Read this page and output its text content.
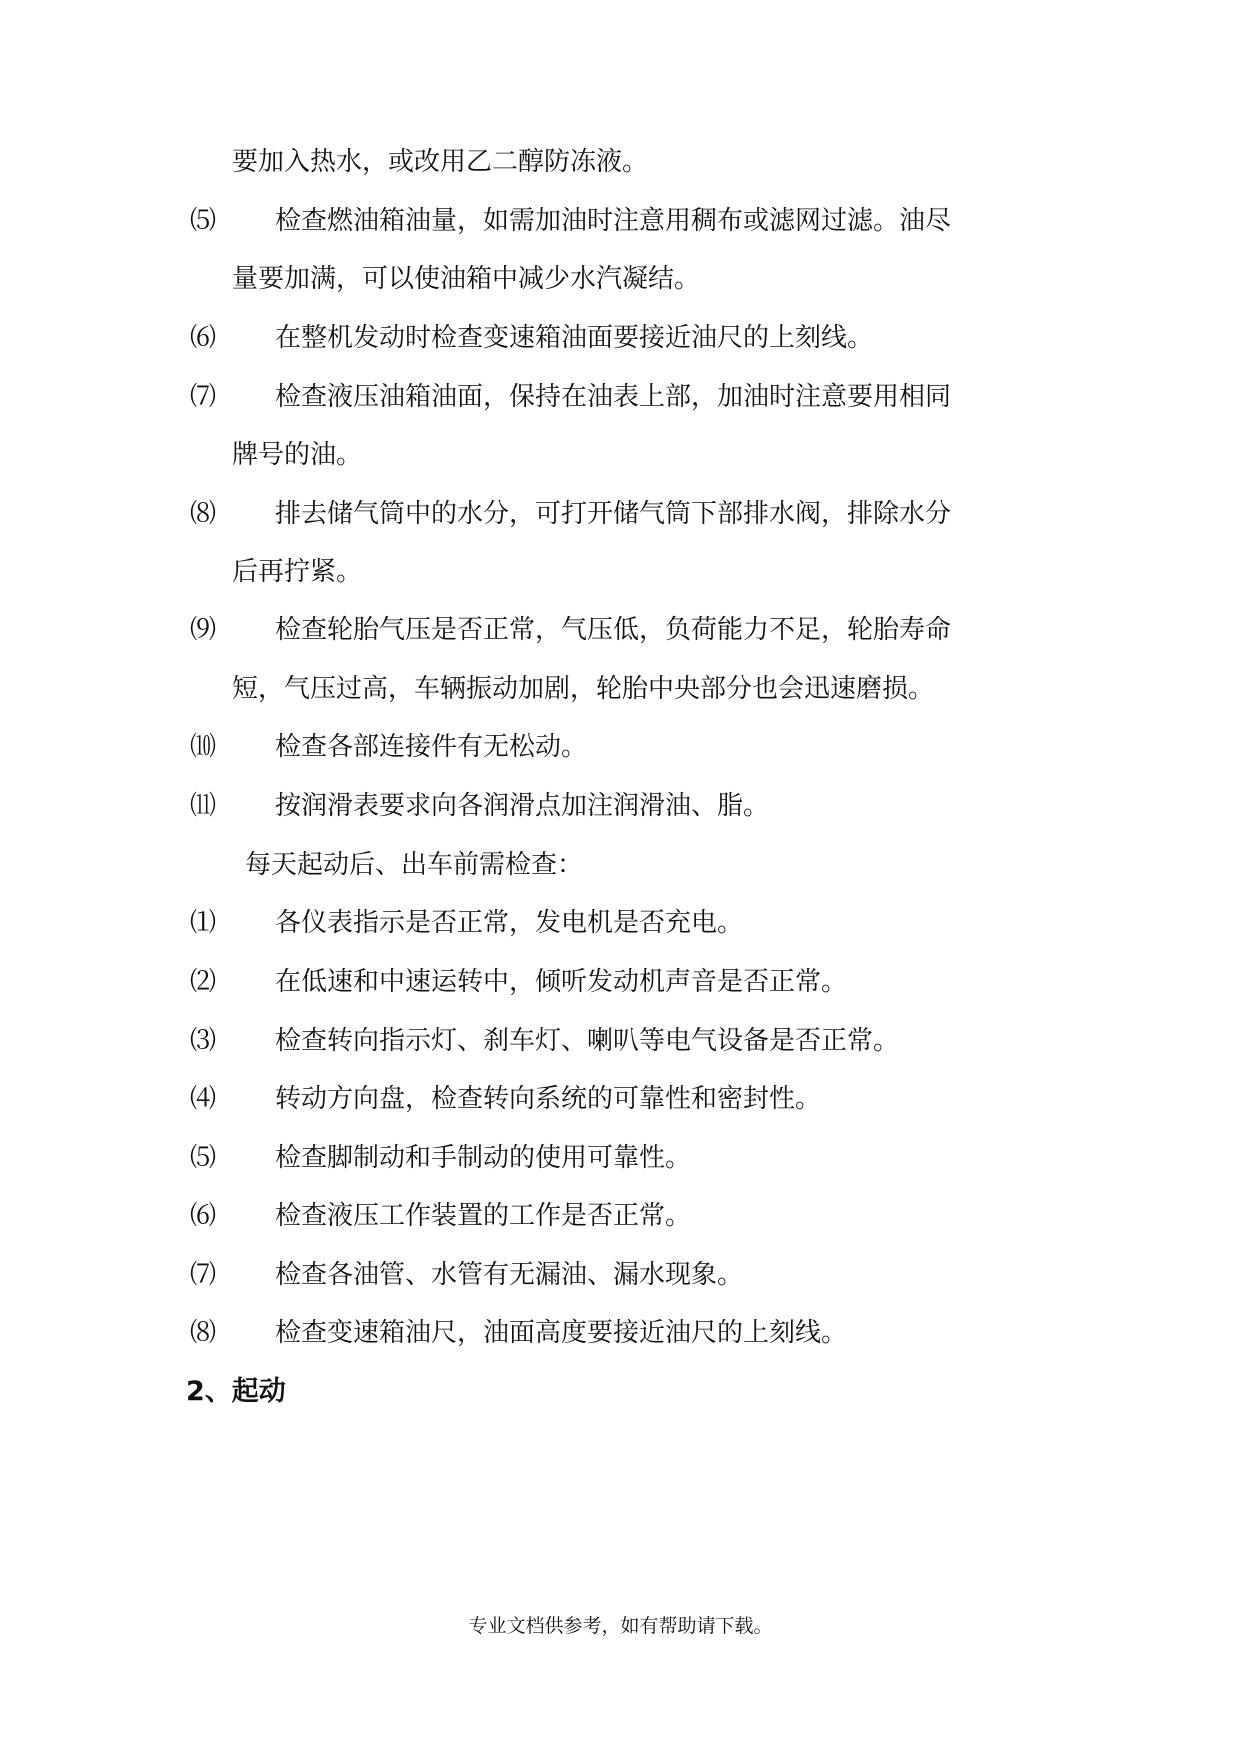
要加入热水，或改用乙二醇防冻液。
⑸	检查燃油箱油量，如需加油时注意用稠布或滤网过滤。油尽
量要加满，可以使油箱中减少水汽凝结。
⑹	在整机发动时检查变速箱油面要接近油尺的上刻线。
⑺	检查液压油箱油面，保持在油表上部，加油时注意要用相同
牌号的油。
⑻	排去储气筒中的水分，可打开储气筒下部排水阀，排除水分
后再拧紧。
⑼	检查轮胎气压是否正常，气压低，负荷能力不足，轮胎寿命
短，气压过高，车辆振动加剧，轮胎中央部分也会迅速磨损。
⑽	检查各部连接件有无松动。
⑾	按润滑表要求向各润滑点加注润滑油、脂。
每天起动后、出车前需检查：
⑴	各仪表指示是否正常，发电机是否充电。
⑵	在低速和中速运转中，倾听发动机声音是否正常。
⑶	检查转向指示灯、刹车灯、喇叭等电气设备是否正常。
⑷	转动方向盘，检查转向系统的可靠性和密封性。
⑸	检查脚制动和手制动的使用可靠性。
⑹	检查液压工作装置的工作是否正常。
⑺	检查各油管、水管有无漏油、漏水现象。
⑻	检查变速箱油尺，油面高度要接近油尺的上刻线。
2、起动
专业文档供参考，如有帮助请下载。
